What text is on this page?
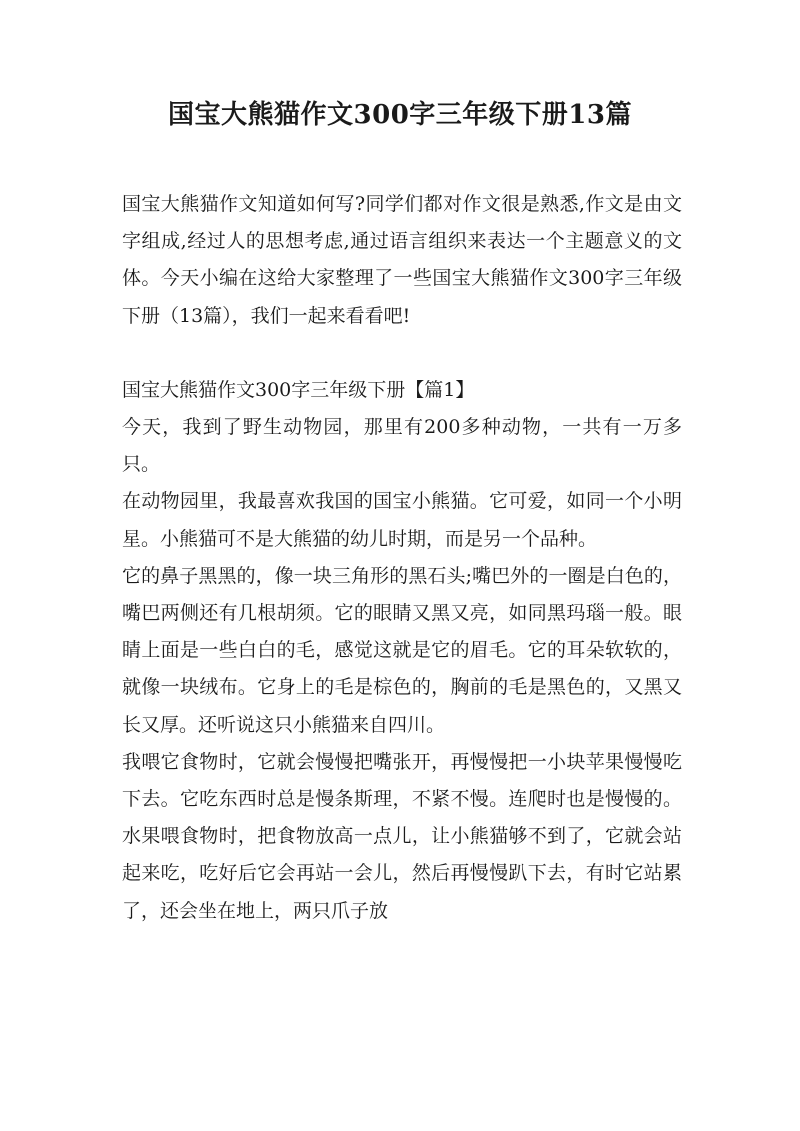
国宝大熊猫作文300字三年级下册13篇

国宝大熊猫作文知道如何写?同学们都对作文很是熟悉,作文是由文字组成,经过人的思想考虑,通过语言组织来表达一个主题意义的文体。今天小编在这给大家整理了一些国宝大熊猫作文300字三年级下册（13篇），我们一起来看看吧!

国宝大熊猫作文300字三年级下册【篇1】

今天，我到了野生动物园，那里有200多种动物，一共有一万多只。

在动物园里，我最喜欢我国的国宝小熊猫。它可爱，如同一个小明星。小熊猫可不是大熊猫的幼儿时期，而是另一个品种。

它的鼻子黑黑的，像一块三角形的黑石头;嘴巴外的一圈是白色的，嘴巴两侧还有几根胡须。它的眼睛又黑又亮，如同黑玛瑙一般。眼睛上面是一些白白的毛，感觉这就是它的眉毛。它的耳朵软软的，就像一块绒布。它身上的毛是棕色的，胸前的毛是黑色的，又黑又长又厚。还听说这只小熊猫来自四川。

我喂它食物时，它就会慢慢把嘴张开，再慢慢把一小块苹果慢慢吃下去。它吃东西时总是慢条斯理，不紧不慢。连爬时也是慢慢的。水果喂食物时，把食物放高一点儿，让小熊猫够不到了，它就会站起来吃，吃好后它会再站一会儿，然后再慢慢趴下去，有时它站累了，还会坐在地上，两只爪子放
